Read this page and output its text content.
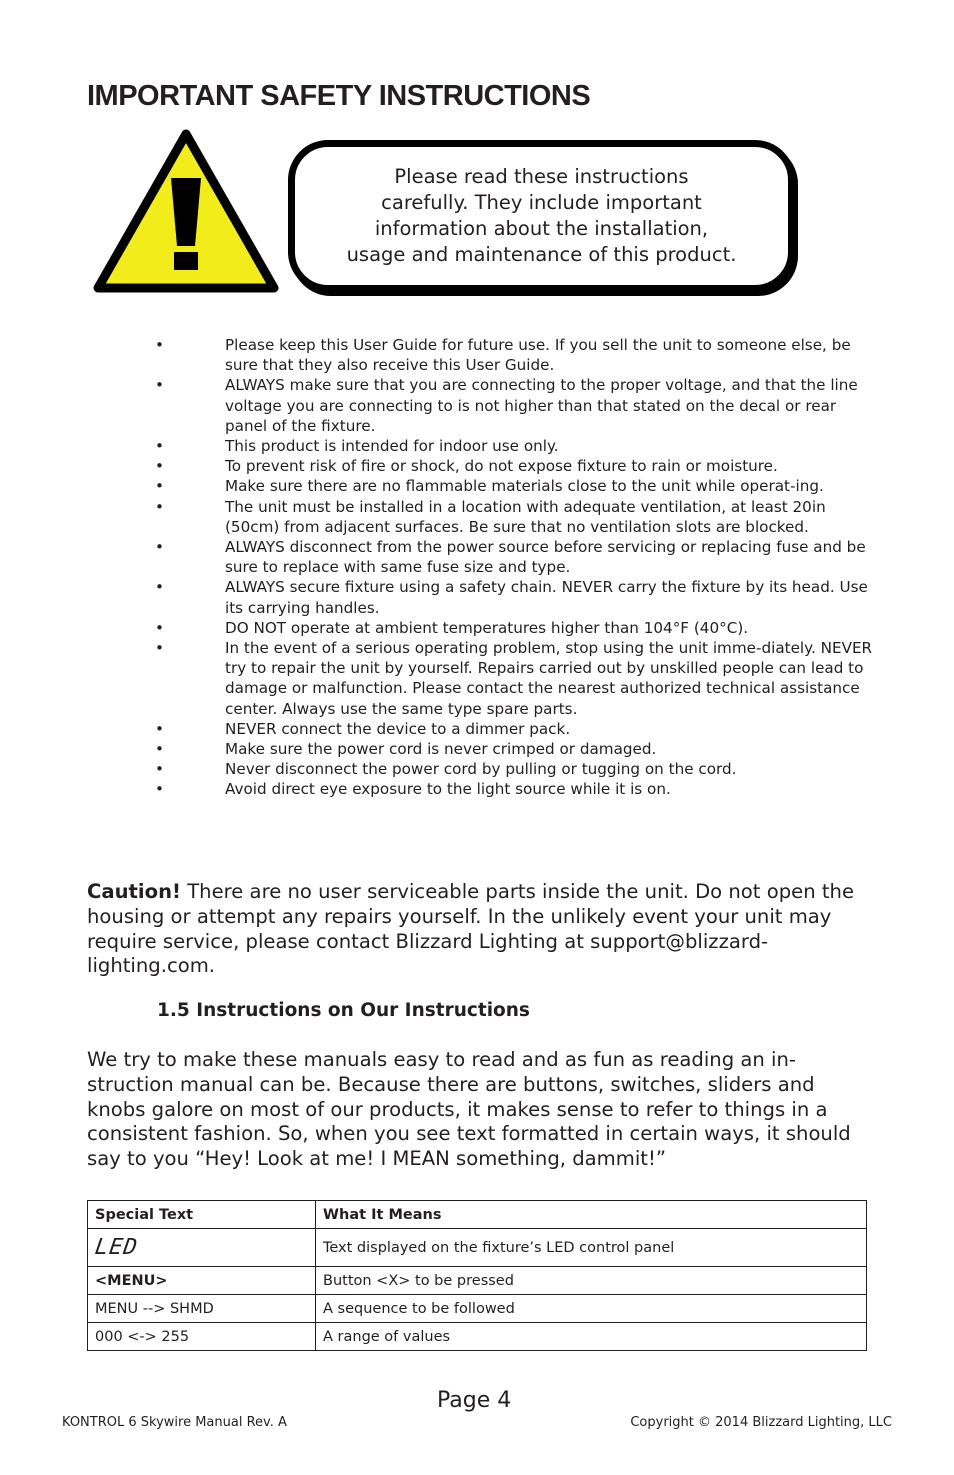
IMPORTANT SAFETY INSTRUCTIONS
Please read these instructions
carefully. They include important
information about the installation,
usage and maintenance of this product.
•	Please keep this User Guide for future use. If you sell the unit to someone else, be sure that they also receive this User Guide.
•	ALWAYS make sure that you are connecting to the proper voltage, and that the line voltage you are connecting to is not higher than that stated on the decal or rear panel of the fixture.
•	This product is intended for indoor use only.
•	To prevent risk of fire or shock, do not expose fixture to rain or moisture.
•	Make sure there are no flammable materials close to the unit while operat-ing.
•	The unit must be installed in a location with adequate ventilation, at least 20in (50cm) from adjacent surfaces. Be sure that no ventilation slots are blocked.
•	ALWAYS disconnect from the power source before servicing or replacing fuse and be sure to replace with same fuse size and type.
•	ALWAYS secure fixture using a safety chain. NEVER carry the fixture by its head. Use its carrying handles.
•	DO NOT operate at ambient temperatures higher than 104°F (40°C).
•	In the event of a serious operating problem, stop using the unit imme-diately. NEVER try to repair the unit by yourself. Repairs carried out by unskilled people can lead to damage or malfunction. Please contact the nearest authorized technical assistance center. Always use the same type spare parts.
•	NEVER connect the device to a dimmer pack.
•	Make sure the power cord is never crimped or damaged.
•	Never disconnect the power cord by pulling or tugging on the cord.
•	Avoid direct eye exposure to the light source while it is on.

Caution! There are no user serviceable parts inside the unit. Do not open the housing or attempt any repairs yourself. In the unlikely event your unit may require service, please contact Blizzard Lighting at support@blizzard-lighting.com.

1.5 Instructions on Our Instructions

We try to make these manuals easy to read and as fun as reading an in-struction manual can be. Because there are buttons, switches, sliders and knobs galore on most of our products, it makes sense to refer to things in a consistent fashion. So, when you see text formatted in certain ways, it should say to you “Hey! Look at me! I MEAN something, dammit!”

Special Text	What It Means
LED	Text displayed on the fixture’s LED control panel
<MENU>	Button <X> to be pressed
MENU --> SHMD	A sequence to be followed
000 <-> 255	A range of values

Page 4

KONTROL 6 Skywire Manual Rev. A	Copyright © 2014 Blizzard Lighting, LLC
